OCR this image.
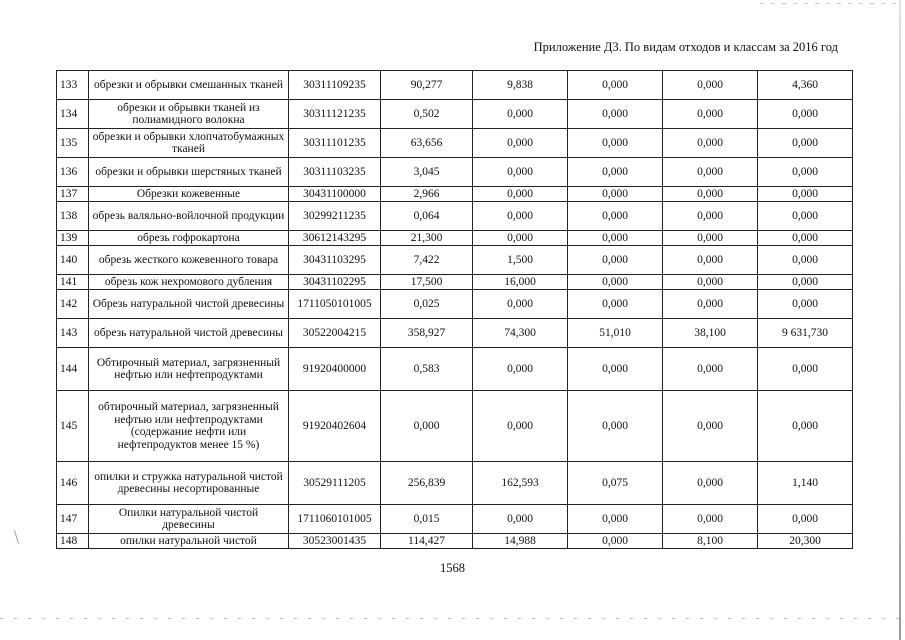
Приложение Д3. По видам отходов и классам за 2016 год
133	обрезки и обрывки смешанных тканей	30311109235	90,277	9,838	0,000	0,000	4,360
134	обрезки и обрывки тканей из полиамидного волокна	30311121235	0,502	0,000	0,000	0,000	0,000
135	обрезки и обрывки хлопчатобумажных тканей	30311101235	63,656	0,000	0,000	0,000	0,000
136	обрезки и обрывки шерстяных тканей	30311103235	3,045	0,000	0,000	0,000	0,000
137	Обрезки кожевенные	30431100000	2,966	0,000	0,000	0,000	0,000
138	обрезь валяльно-войлочной продукции	30299211235	0,064	0,000	0,000	0,000	0,000
139	обрезь гофрокартона	30612143295	21,300	0,000	0,000	0,000	0,000
140	обрезь жесткого кожевенного товара	30431103295	7,422	1,500	0,000	0,000	0,000
141	обрезь кож нехромового дубления	30431102295	17,500	16,000	0,000	0,000	0,000
142	Обрезь натуральной чистой древесины	1711050101005	0,025	0,000	0,000	0,000	0,000
143	обрезь натуральной чистой древесины	30522004215	358,927	74,300	51,010	38,100	9 631,730
144	Обтирочный материал, загрязненный нефтью или нефтепродуктами	91920400000	0,583	0,000	0,000	0,000	0,000
145	обтирочный материал, загрязненный нефтью или нефтепродуктами (содержание нефти или нефтепродуктов менее 15 %)	91920402604	0,000	0,000	0,000	0,000	0,000
146	опилки и стружка натуральной чистой древесины несортированные	30529111205	256,839	162,593	0,075	0,000	1,140
147	Опилки натуральной чистой древесины	1711060101005	0,015	0,000	0,000	0,000	0,000
148	опилки натуральной чистой	30523001435	114,427	14,988	0,000	8,100	20,300
1568
